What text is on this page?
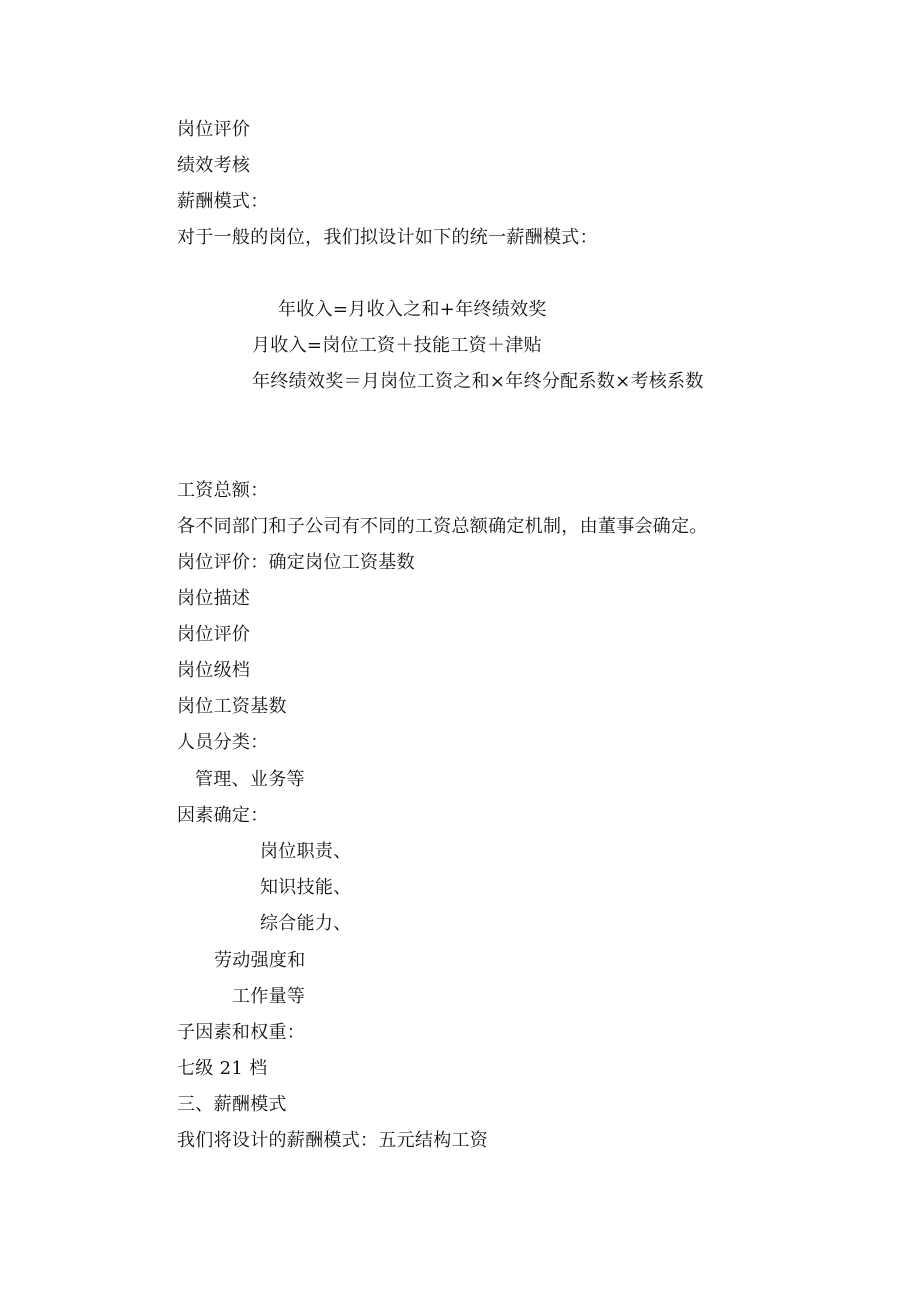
岗位评价
绩效考核
薪酬模式：
对于一般的岗位，我们拟设计如下的统一薪酬模式：
年收入=月收入之和+年终绩效奖
月收入=岗位工资＋技能工资＋津贴
年终绩效奖＝月岗位工资之和×年终分配系数×考核系数
工资总额：
各不同部门和子公司有不同的工资总额确定机制，由董事会确定。
岗位评价：确定岗位工资基数
岗位描述
岗位评价
岗位级档
岗位工资基数
人员分类：
管理、业务等
因素确定：
岗位职责、
知识技能、
综合能力、
劳动强度和
工作量等
子因素和权重：
七级 21 档
三、薪酬模式
我们将设计的薪酬模式：五元结构工资
